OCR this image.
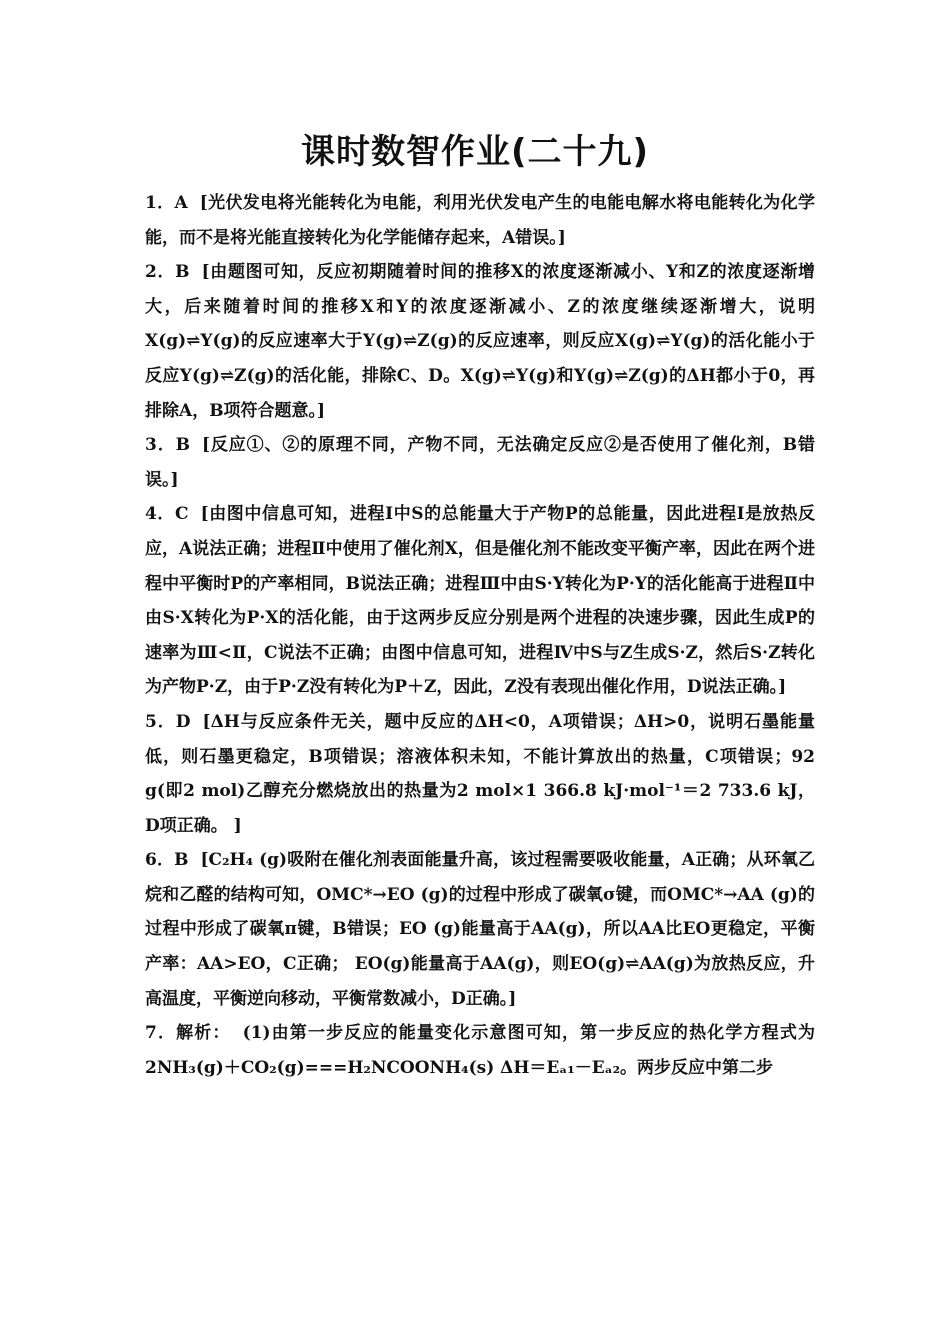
课时数智作业(二十九)

1．A [光伏发电将光能转化为电能，利用光伏发电产生的电能电解水将电能转化为化学能，而不是将光能直接转化为化学能储存起来，A错误。]

2．B [由题图可知，反应初期随着时间的推移X的浓度逐渐减小、Y和Z的浓度逐渐增大，后来随着时间的推移X和Y的浓度逐渐减小、Z的浓度继续逐渐增大，说明X(g)⇌Y(g)的反应速率大于Y(g)⇌Z(g)的反应速率，则反应X(g)⇌Y(g)的活化能小于反应Y(g)⇌Z(g)的活化能，排除C、D。X(g)⇌Y(g)和Y(g)⇌Z(g)的ΔH都小于0，再排除A，B项符合题意。]

3．B [反应①、②的原理不同，产物不同，无法确定反应②是否使用了催化剂，B错误。]

4．C [由图中信息可知，进程Ⅰ中S的总能量大于产物P的总能量，因此进程Ⅰ是放热反应，A说法正确；进程Ⅱ中使用了催化剂X，但是催化剂不能改变平衡产率，因此在两个进程中平衡时P的产率相同，B说法正确；进程Ⅲ中由S·Y转化为P·Y的活化能高于进程Ⅱ中由S·X转化为P·X的活化能，由于这两步反应分别是两个进程的决速步骤，因此生成P的速率为Ⅲ<Ⅱ，C说法不正确；由图中信息可知，进程Ⅳ中S与Z生成S·Z，然后S·Z转化为产物P·Z，由于P·Z没有转化为P＋Z，因此，Z没有表现出催化作用，D说法正确。]

5．D [ΔH与反应条件无关，题中反应的ΔH<0，A项错误；ΔH>0，说明石墨能量低，则石墨更稳定，B项错误；溶液体积未知，不能计算放出的热量，C项错误；92 g(即2 mol)乙醇充分燃烧放出的热量为2 mol×1 366.8 kJ·mol⁻¹＝2 733.6 kJ，D项正确。 ]

6．B [C₂H₄ (g)吸附在催化剂表面能量升高，该过程需要吸收能量，A正确；从环氧乙烷和乙醛的结构可知，OMC*→EO (g)的过程中形成了碳氧σ键，而OMC*→AA (g)的过程中形成了碳氧π键，B错误；EO (g)能量高于AA(g)，所以AA比EO更稳定，平衡产率：AA>EO，C正确； EO(g)能量高于AA(g)，则EO(g)⇌AA(g)为放热反应，升高温度，平衡逆向移动，平衡常数减小，D正确。]

7．解析： (1)由第一步反应的能量变化示意图可知，第一步反应的热化学方程式为 2NH₃(g)＋CO₂(g)===H₂NCOONH₄(s) ΔH＝Eₐ₁－Eₐ₂。两步反应中第二步
